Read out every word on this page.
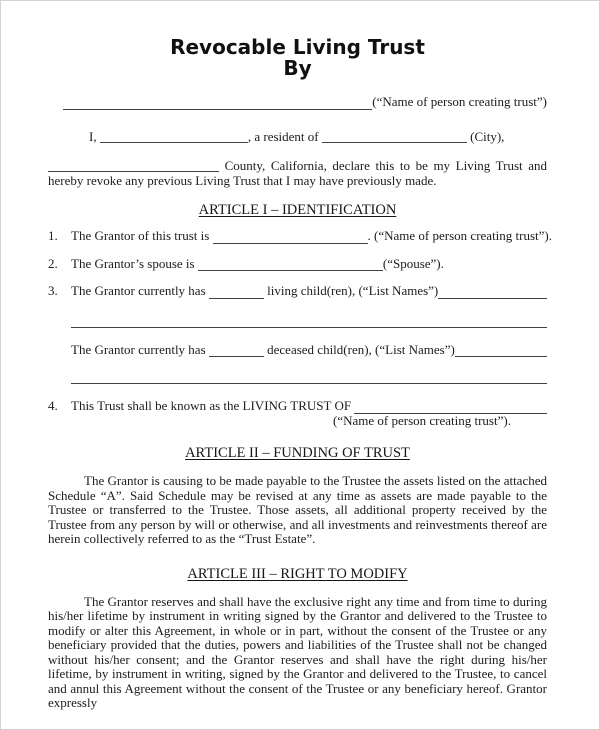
Revocable Living Trust
By
(“Name of person creating trust”)
I,	, a resident of	(City),

County, California, declare this to be my Living Trust and hereby revoke any previous Living Trust that I may have previously made.

ARTICLE I – IDENTIFICATION
1.	The Grantor of this trust is	. (“Name of person creating trust”).
2.	The Grantor’s spouse is	(“Spouse”).
3.	The Grantor currently has	living child(ren), (“List Names”)
The Grantor currently has	deceased child(ren), (“List Names”)
4.	This Trust shall be known as the LIVING TRUST OF
(“Name of person creating trust”).
ARTICLE II – FUNDING OF TRUST

The Grantor is causing to be made payable to the Trustee the assets listed on the attached Schedule “A”. Said Schedule may be revised at any time as assets are made payable to the Trustee or transferred to the Trustee. Those assets, all additional property received by the Trustee from any person by will or otherwise, and all investments and reinvestments thereof are herein collectively referred to as the “Trust Estate”.

ARTICLE III – RIGHT TO MODIFY

The Grantor reserves and shall have the exclusive right any time and from time to during his/her lifetime by instrument in writing signed by the Grantor and delivered to the Trustee to modify or alter this Agreement, in whole or in part, without the consent of the Trustee or any beneficiary provided that the duties, powers and liabilities of the Trustee shall not be changed without his/her consent; and the Grantor reserves and shall have the right during his/her lifetime, by instrument in writing, signed by the Grantor and delivered to the Trustee, to cancel and annul this Agreement without the consent of the Trustee or any beneficiary hereof. Grantor expressly
